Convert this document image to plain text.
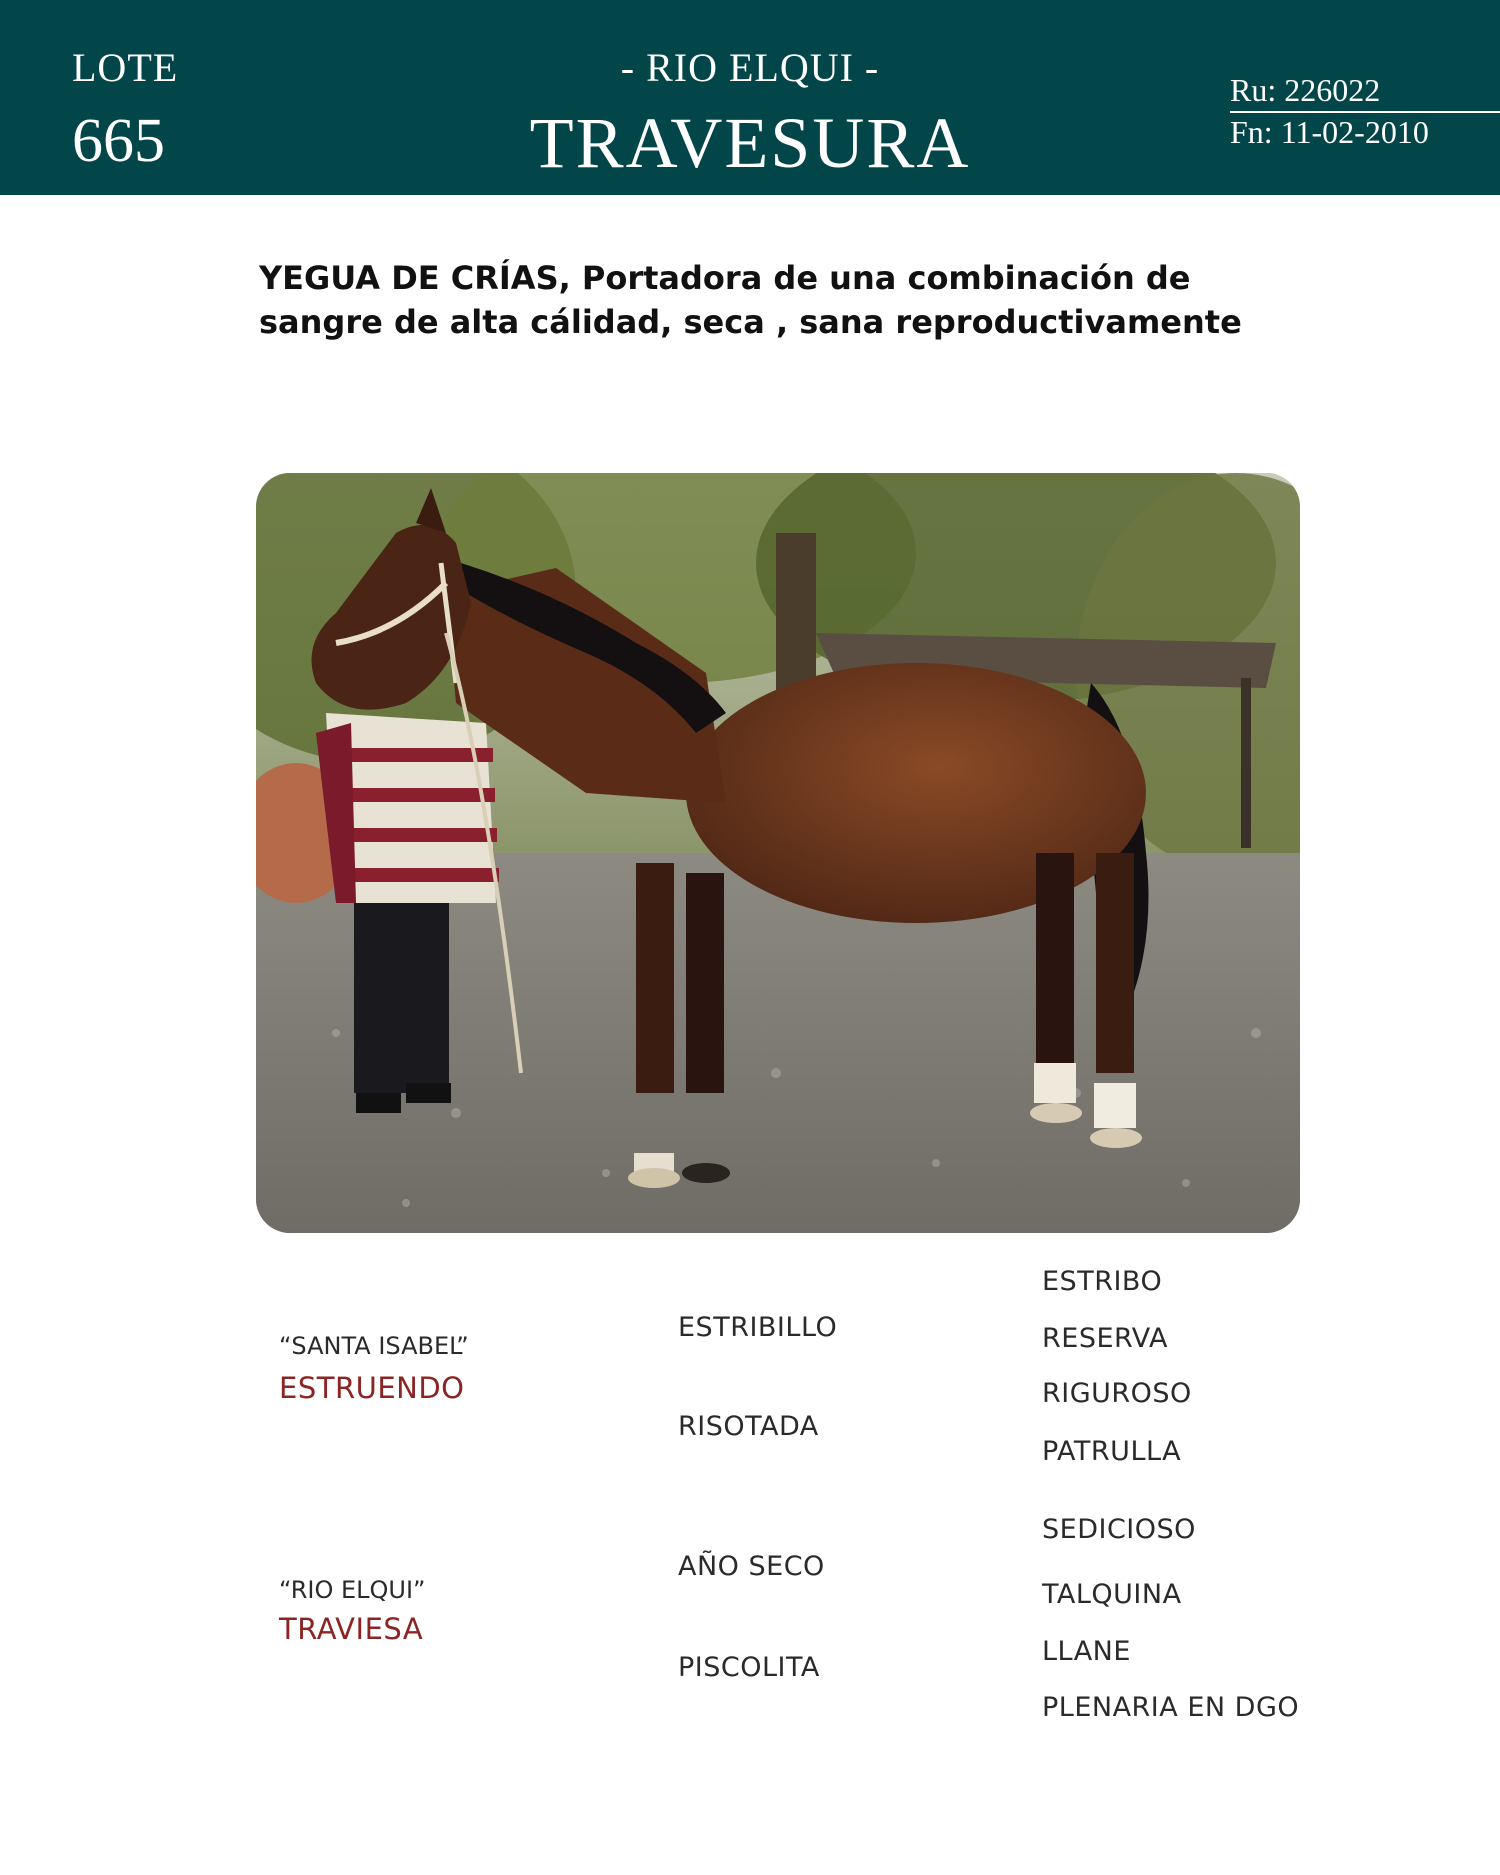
LOTE
665
- RIO ELQUI -
TRAVESURA
Ru: 226022
Fn: 11-02-2010
YEGUA DE CRÍAS, Portadora de una combinación de
sangre de alta cálidad, seca , sana reproductivamente
“SANTA ISABEL”
ESTRUENDO
“RIO ELQUI”
TRAVIESA
ESTRIBILLO
RISOTADA
AÑO SECO
PISCOLITA
ESTRIBO
RESERVA
RIGUROSO
PATRULLA
SEDICIOSO
TALQUINA
LLANE
PLENARIA EN DGO
